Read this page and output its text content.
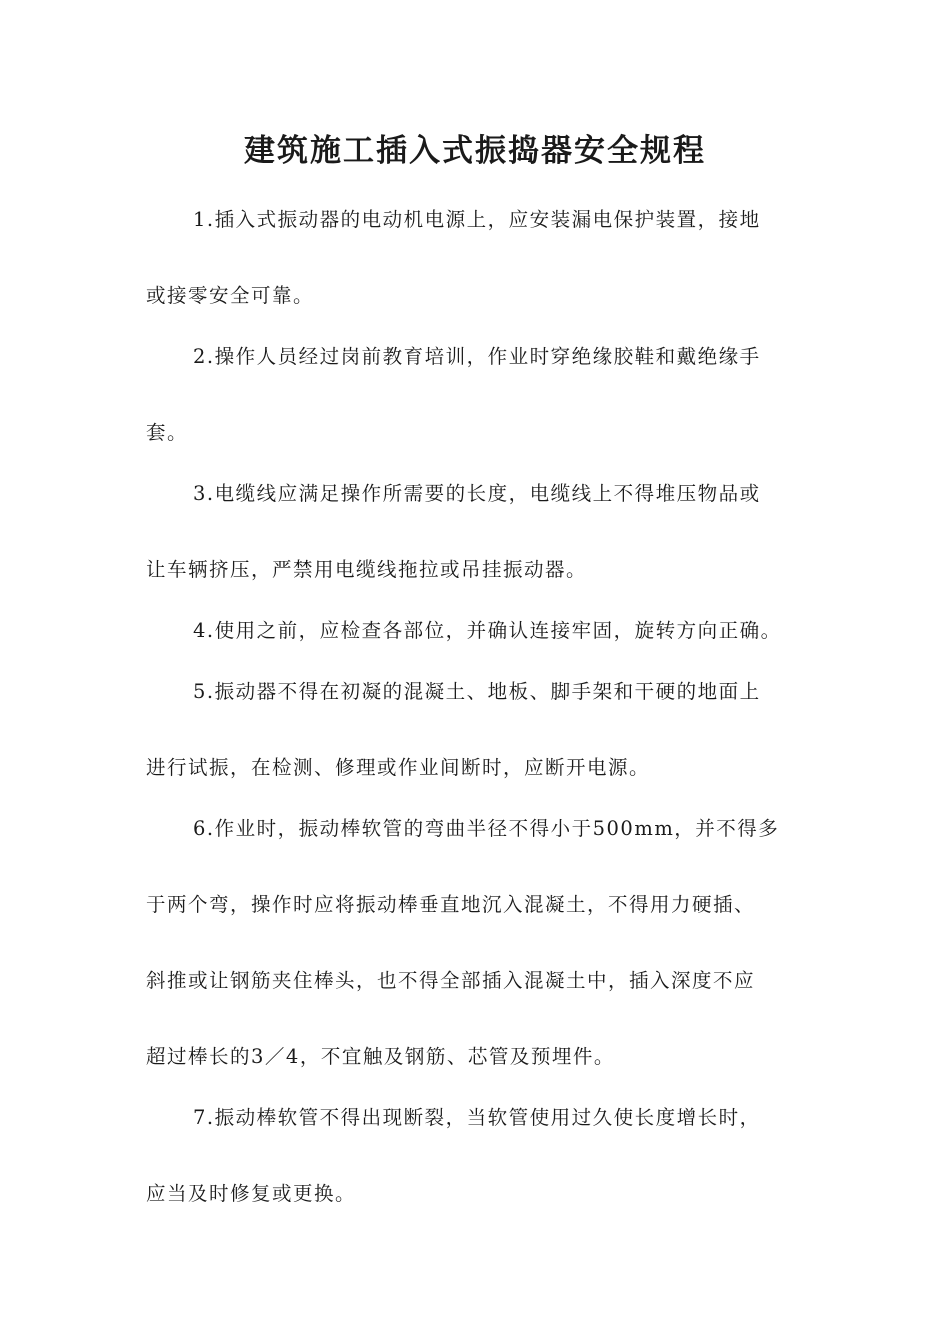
建筑施工插入式振捣器安全规程

1.插入式振动器的电动机电源上，应安装漏电保护装置，接地

或接零安全可靠。

2.操作人员经过岗前教育培训，作业时穿绝缘胶鞋和戴绝缘手

套。

3.电缆线应满足操作所需要的长度，电缆线上不得堆压物品或

让车辆挤压，严禁用电缆线拖拉或吊挂振动器。

4.使用之前，应检查各部位，并确认连接牢固，旋转方向正确。

5.振动器不得在初凝的混凝土、地板、脚手架和干硬的地面上

进行试振，在检测、修理或作业间断时，应断开电源。

6.作业时，振动棒软管的弯曲半径不得小于500mm，并不得多

于两个弯，操作时应将振动棒垂直地沉入混凝土，不得用力硬插、

斜推或让钢筋夹住棒头，也不得全部插入混凝土中，插入深度不应

超过棒长的3／4，不宜触及钢筋、芯管及预埋件。

7.振动棒软管不得出现断裂，当软管使用过久使长度增长时，

应当及时修复或更换。
